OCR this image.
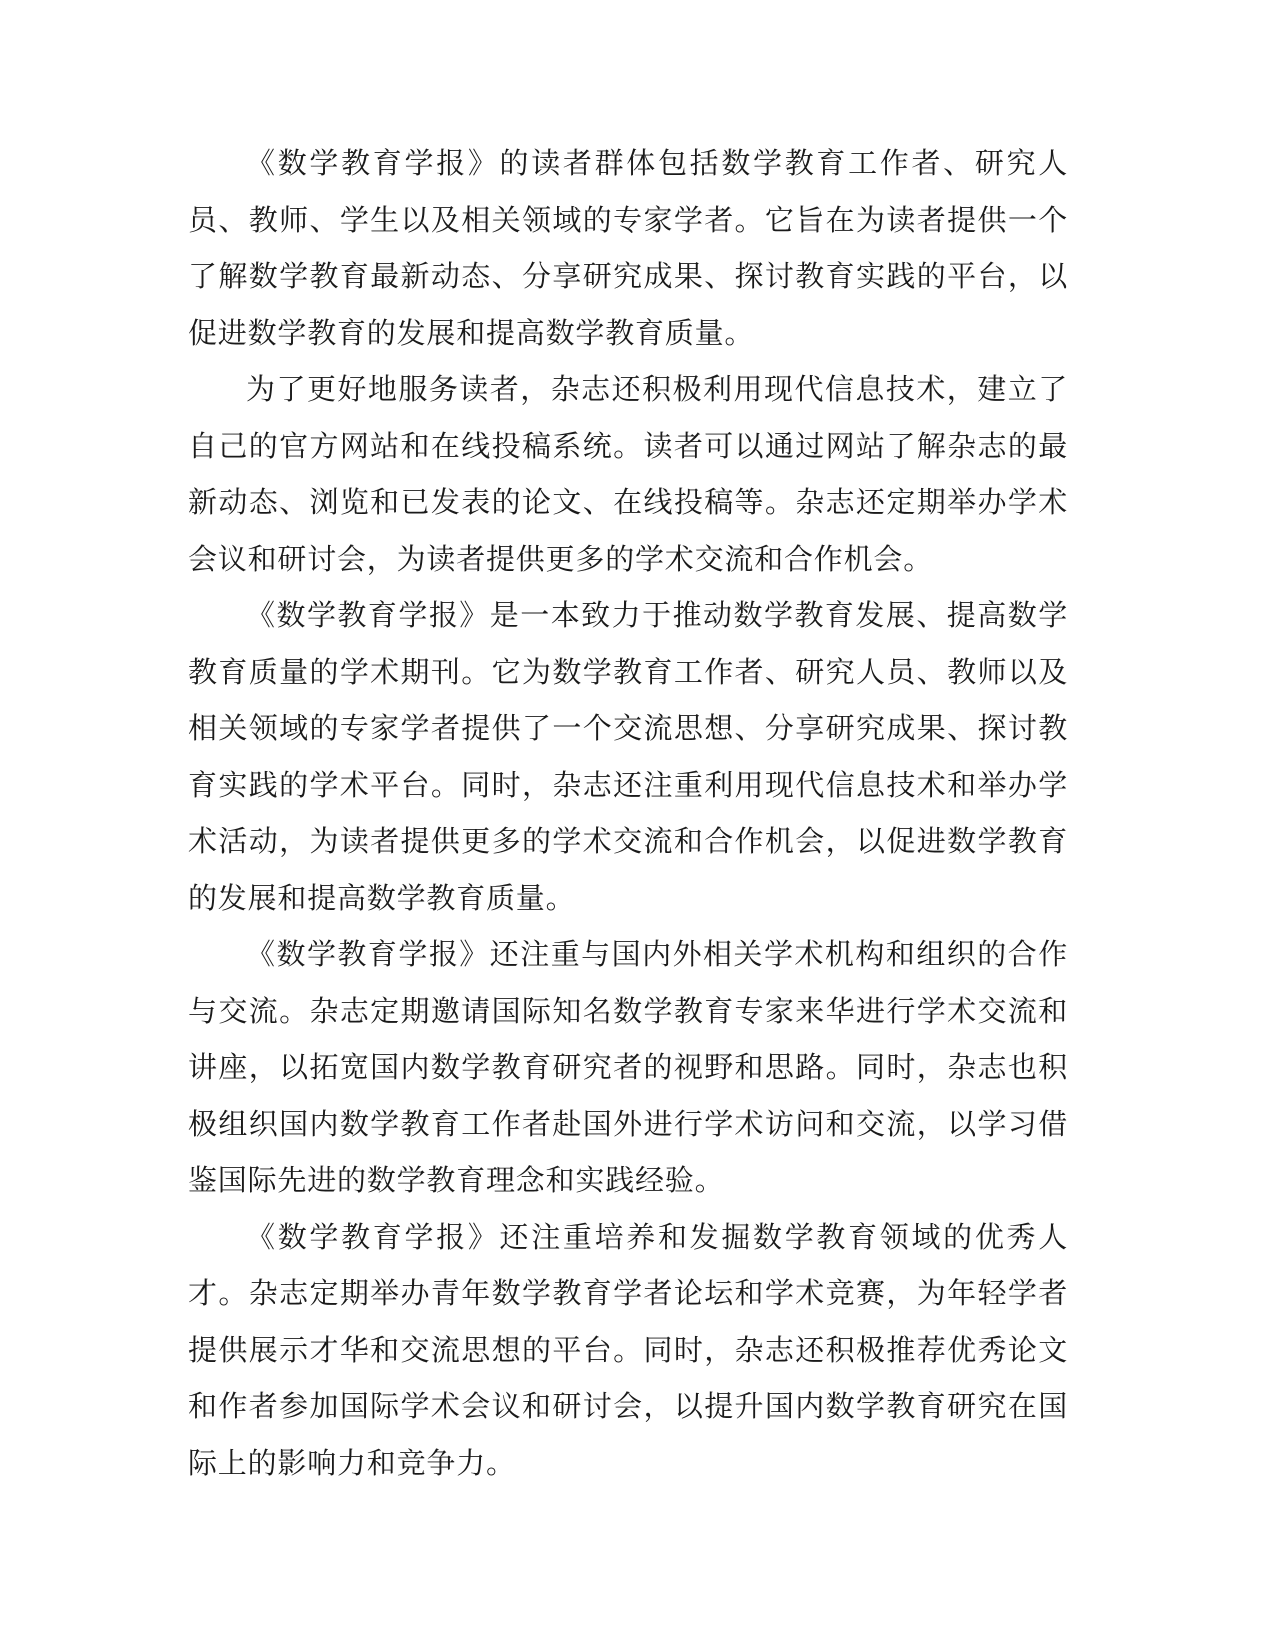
《数学教育学报》的读者群体包括数学教育工作者、研究人员、教师、学生以及相关领域的专家学者。它旨在为读者提供一个了解数学教育最新动态、分享研究成果、探讨教育实践的平台，以促进数学教育的发展和提高数学教育质量。

为了更好地服务读者，杂志还积极利用现代信息技术，建立了自己的官方网站和在线投稿系统。读者可以通过网站了解杂志的最新动态、浏览和已发表的论文、在线投稿等。杂志还定期举办学术会议和研讨会，为读者提供更多的学术交流和合作机会。

《数学教育学报》是一本致力于推动数学教育发展、提高数学教育质量的学术期刊。它为数学教育工作者、研究人员、教师以及相关领域的专家学者提供了一个交流思想、分享研究成果、探讨教育实践的学术平台。同时，杂志还注重利用现代信息技术和举办学术活动，为读者提供更多的学术交流和合作机会，以促进数学教育的发展和提高数学教育质量。

《数学教育学报》还注重与国内外相关学术机构和组织的合作与交流。杂志定期邀请国际知名数学教育专家来华进行学术交流和讲座，以拓宽国内数学教育研究者的视野和思路。同时，杂志也积极组织国内数学教育工作者赴国外进行学术访问和交流，以学习借鉴国际先进的数学教育理念和实践经验。

《数学教育学报》还注重培养和发掘数学教育领域的优秀人才。杂志定期举办青年数学教育学者论坛和学术竞赛，为年轻学者提供展示才华和交流思想的平台。同时，杂志还积极推荐优秀论文和作者参加国际学术会议和研讨会，以提升国内数学教育研究在国际上的影响力和竞争力。
